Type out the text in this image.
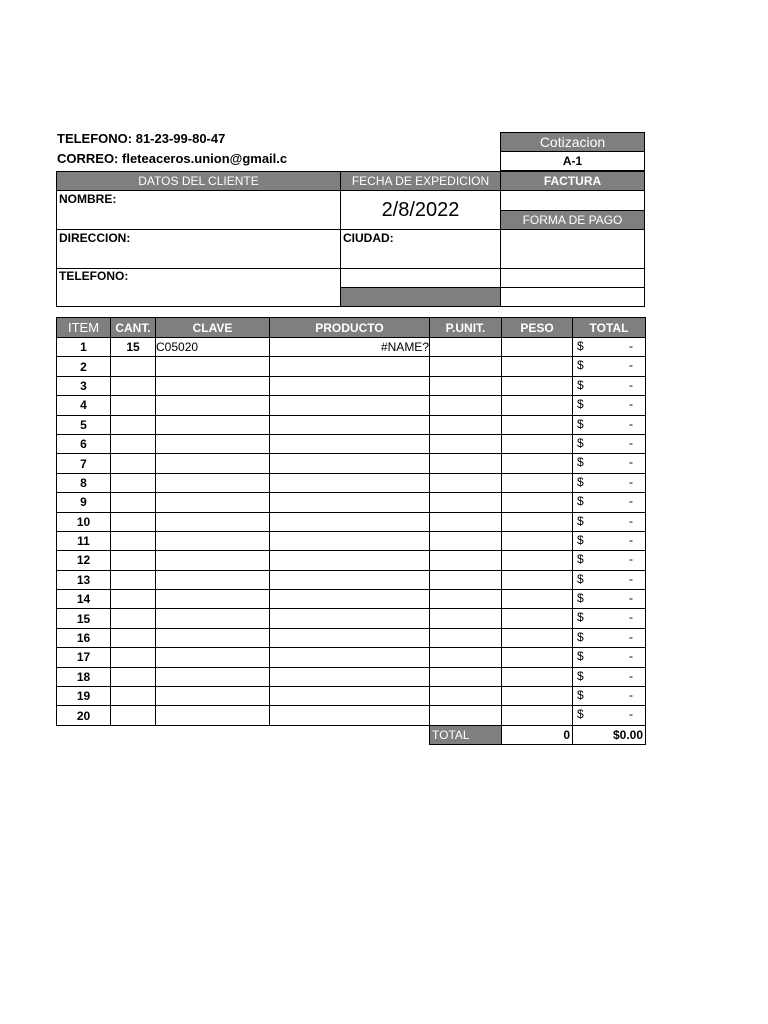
TELEFONO: 81-23-99-80-47
CORREO: fleteaceros.union@gmail.c
Cotizacion
A-1
DATOS DEL CLIENTE	FECHA DE EXPEDICION	FACTURA
NOMBRE:	2/8/2022	FORMA DE PAGO
DIRECCION:	CIUDAD:
TELEFONO:
ITEM	CANT.	CLAVE	PRODUCTO	P.UNIT.	PESO	TOTAL
1	15	C05020	#NAME?			$ -

2						$ -

3						$ -

4						$ -

5						$ -

6						$ -

7						$ -

8						$ -

9						$ -

10						$ -

11						$ -

12						$ -

13						$ -

14						$ -

15						$ -

16						$ -

17						$ -

18						$ -

19						$ -

20						$ -

				TOTAL	0	$0.00
